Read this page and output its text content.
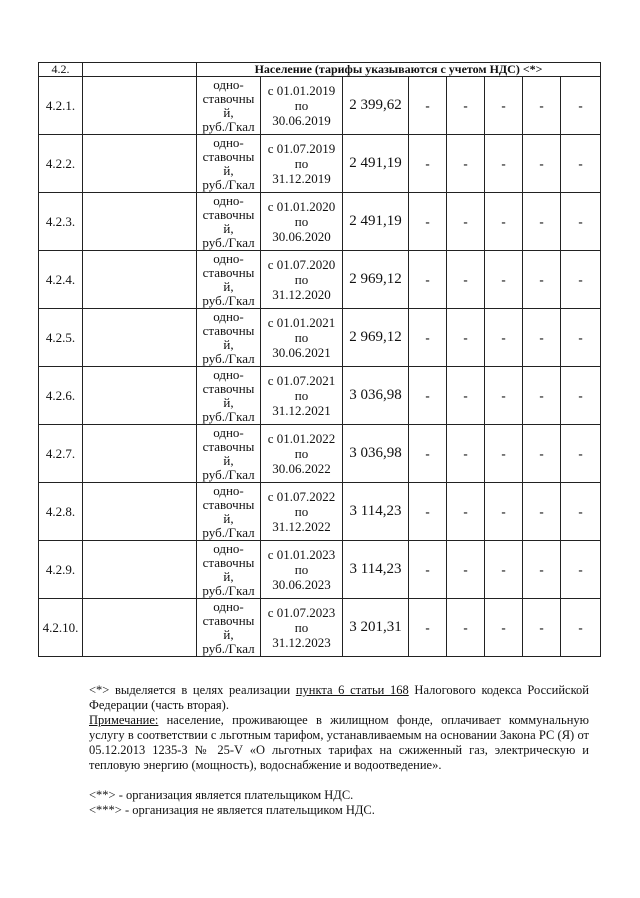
4.2.		Население (тарифы указываются с учетом НДС) <*>							
4.2.1.		одно-
ставочны
й,
руб./Гкал	с 01.01.2019
по
30.06.2019	2 399,62	-	-	-	-	-
4.2.2.		одно-
ставочны
й,
руб./Гкал	с 01.07.2019
по
31.12.2019	2 491,19	-	-	-	-	-
4.2.3.		одно-
ставочны
й,
руб./Гкал	с 01.01.2020
по
30.06.2020	2 491,19	-	-	-	-	-
4.2.4.		одно-
ставочны
й,
руб./Гкал	с 01.07.2020
по
31.12.2020	2 969,12	-	-	-	-	-
4.2.5.		одно-
ставочны
й,
руб./Гкал	с 01.01.2021
по
30.06.2021	2 969,12	-	-	-	-	-
4.2.6.		одно-
ставочны
й,
руб./Гкал	с 01.07.2021
по
31.12.2021	3 036,98	-	-	-	-	-
4.2.7.		одно-
ставочны
й,
руб./Гкал	с 01.01.2022
по
30.06.2022	3 036,98	-	-	-	-	-
4.2.8.		одно-
ставочны
й,
руб./Гкал	с 01.07.2022
по
31.12.2022	3 114,23	-	-	-	-	-
4.2.9.		одно-
ставочны
й,
руб./Гкал	с 01.01.2023
по
30.06.2023	3 114,23	-	-	-	-	-
4.2.10.		одно-
ставочны
й,
руб./Гкал	с 01.07.2023
по
31.12.2023	3 201,31	-	-	-	-	-

<*> выделяется в целях реализации пункта 6 статьи 168 Налогового кодекса Российской Федерации (часть вторая).

Примечание: население, проживающее в жилищном фонде, оплачивает коммунальную услугу в соответствии с льготным тарифом, устанавливаемым на основании Закона РС (Я) от 05.12.2013 1235-З № 25-V «О льготных тарифах на сжиженный газ, электрическую и тепловую энергию (мощность), водоснабжение и водоотведение».

<**> - организация является плательщиком НДС.

<***> - организация не является плательщиком НДС.
